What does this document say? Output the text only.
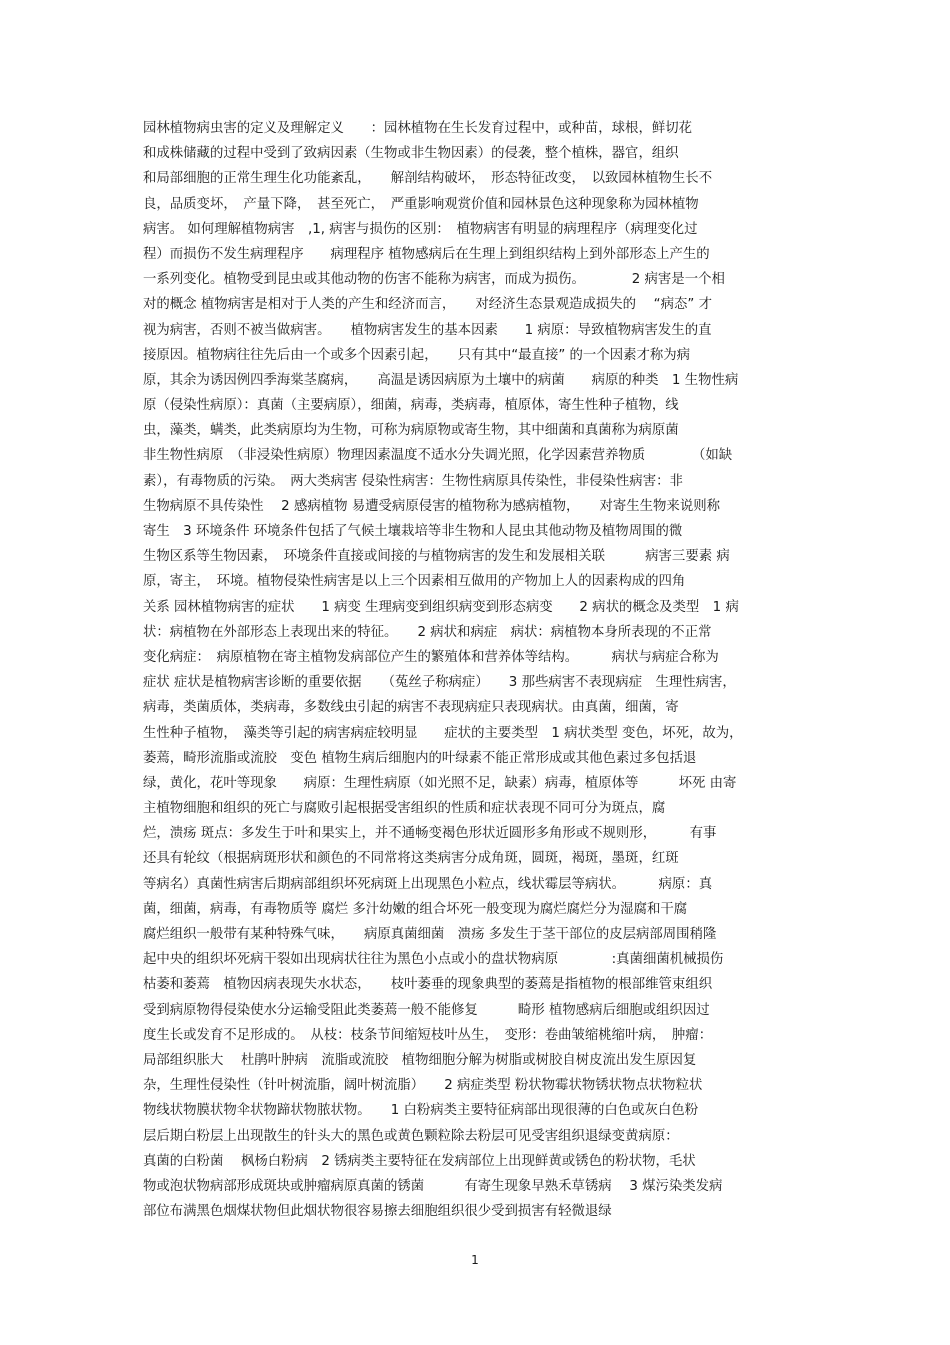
园林植物病虫害的定义及理解定义　　：园林植物在生长发育过程中，或种苗，球根，鲜切花
和成株储藏的过程中受到了致病因素（生物或非生物因素）的侵袭，整个植株，器官，组织
和局部细胞的正常生理生化功能紊乱，　　解剖结构破坏，　形态特征改变，　以致园林植物生长不
良，品质变坏，　产量下降，　甚至死亡，　严重影响观赏价值和园林景色这种现象称为园林植物
病害。 如何理解植物病害　,1, 病害与损伤的区别：　植物病害有明显的病理程序（病理变化过
程）而损伤不发生病理程序　　病理程序 植物感病后在生理上到组织结构上到外部形态上产生的
一系列变化。植物受到昆虫或其他动物的伤害不能称为病害，而成为损伤。　　　　2 病害是一个相
对的概念 植物病害是相对于人类的产生和经济而言，　　对经济生态景观造成损失的　 “病态” 才
视为病害，否则不被当做病害。　　植物病害发生的基本因素　　1 病原：导致植物病害发生的直
接原因。植物病往往先后由一个或多个因素引起，　　只有其中“最直接” 的一个因素才称为病
原，其余为诱因例四季海棠茎腐病，　　高温是诱因病原为土壤中的病菌　　病原的种类　1 生物性病
原（侵染性病原）：真菌（主要病原），细菌，病毒，类病毒，植原体，寄生性种子植物，线
虫，藻类，螨类，此类病原均为生物，可称为病原物或寄生物，其中细菌和真菌称为病原菌
非生物性病原　（非浸染性病原）物理因素温度不适水分失调光照，化学因素营养物质　　　　（如缺
素），有毒物质的污染。　两大类病害 侵染性病害：生物性病原具传染性，非侵染性病害：非
生物病原不具传染性　 2 感病植物 易遭受病原侵害的植物称为感病植物，　　对寄生生物来说则称
寄生　3 环境条件 环境条件包括了气候土壤栽培等非生物和人昆虫其他动物及植物周围的微
生物区系等生物因素，　环境条件直接或间接的与植物病害的发生和发展相关联　　　病害三要素 病
原，寄主，　环境。植物侵染性病害是以上三个因素相互做用的产物加上人的因素构成的四角
关系 园林植物病害的症状　　1 病变 生理病变到组织病变到形态病变　　2 病状的概念及类型　1 病
状：病植物在外部形态上表现出来的特征。　　2 病状和病症　病状：病植物本身所表现的不正常
变化病症：　病原植物在寄主植物发病部位产生的繁殖体和营养体等结构。　　　病状与病症合称为
症状 症状是植物病害诊断的重要依据　　（菟丝子称病症）　　3 那些病害不表现病症　生理性病害，
病毒，类菌质体，类病毒，多数线虫引起的病害不表现病症只表现病状。由真菌，细菌，寄
生性种子植物，　藻类等引起的病害病症较明显　　症状的主要类型　1 病状类型 变色，坏死，故为，
萎蔫，畸形流脂或流胶　变色 植物生病后细胞内的叶绿素不能正常形成或其他色素过多包括退
绿，黄化，花叶等现象　　病原：生理性病原（如光照不足，缺素）病毒，植原体等　　　坏死 由寄
主植物细胞和组织的死亡与腐败引起根据受害组织的性质和症状表现不同可分为斑点，腐
烂，溃疡 斑点：多发生于叶和果实上，并不通畅变褐色形状近圆形多角形或不规则形，　　　有事
还具有轮纹（根据病斑形状和颜色的不同常将这类病害分成角斑，圆斑，褐斑，墨斑，红斑
等病名）真菌性病害后期病部组织坏死病斑上出现黑色小粒点，线状霉层等病状。　　　病原：真
菌，细菌，病毒，有毒物质等 腐烂 多汁幼嫩的组合坏死一般变现为腐烂腐烂分为湿腐和干腐
腐烂组织一般带有某种特殊气味，　　病原真菌细菌　溃疡 多发生于茎干部位的皮层病部周围稍隆
起中央的组织坏死病干裂如出现病状往往为黑色小点或小的盘状物病原　　　　:真菌细菌机械损伤
枯萎和萎蔫　植物因病表现失水状态，　　枝叶萎垂的现象典型的萎蔫是指植物的根部维管束组织
受到病原物得侵染使水分运输受阻此类萎蔫一般不能修复　　　畸形 植物感病后细胞或组织因过
度生长或发育不足形成的。　从枝：枝条节间缩短枝叶丛生，　变形：卷曲皱缩桃缩叶病，　肿瘤：
局部组织胀大　 杜鹃叶肿病　流脂或流胶　植物细胞分解为树脂或树胶自树皮流出发生原因复
杂，生理性侵染性（针叶树流脂，阔叶树流脂）　　2 病症类型 粉状物霉状物锈状物点状物粒状
物线状物膜状物伞状物蹄状物脓状物。　　1 白粉病类主要特征病部出现很薄的白色或灰白色粉
层后期白粉层上出现散生的针头大的黑色或黄色颗粒除去粉层可见受害组织退绿变黄病原：
真菌的白粉菌　 枫杨白粉病　2 锈病类主要特征在发病部位上出现鲜黄或锈色的粉状物，毛状
物或泡状物病部形成斑块或肿瘤病原真菌的锈菌　　　有寄生现象早熟禾草锈病　 3 煤污染类发病
部位布满黑色烟煤状物但此烟状物很容易擦去细胞组织很少受到损害有轻微退绿
1
